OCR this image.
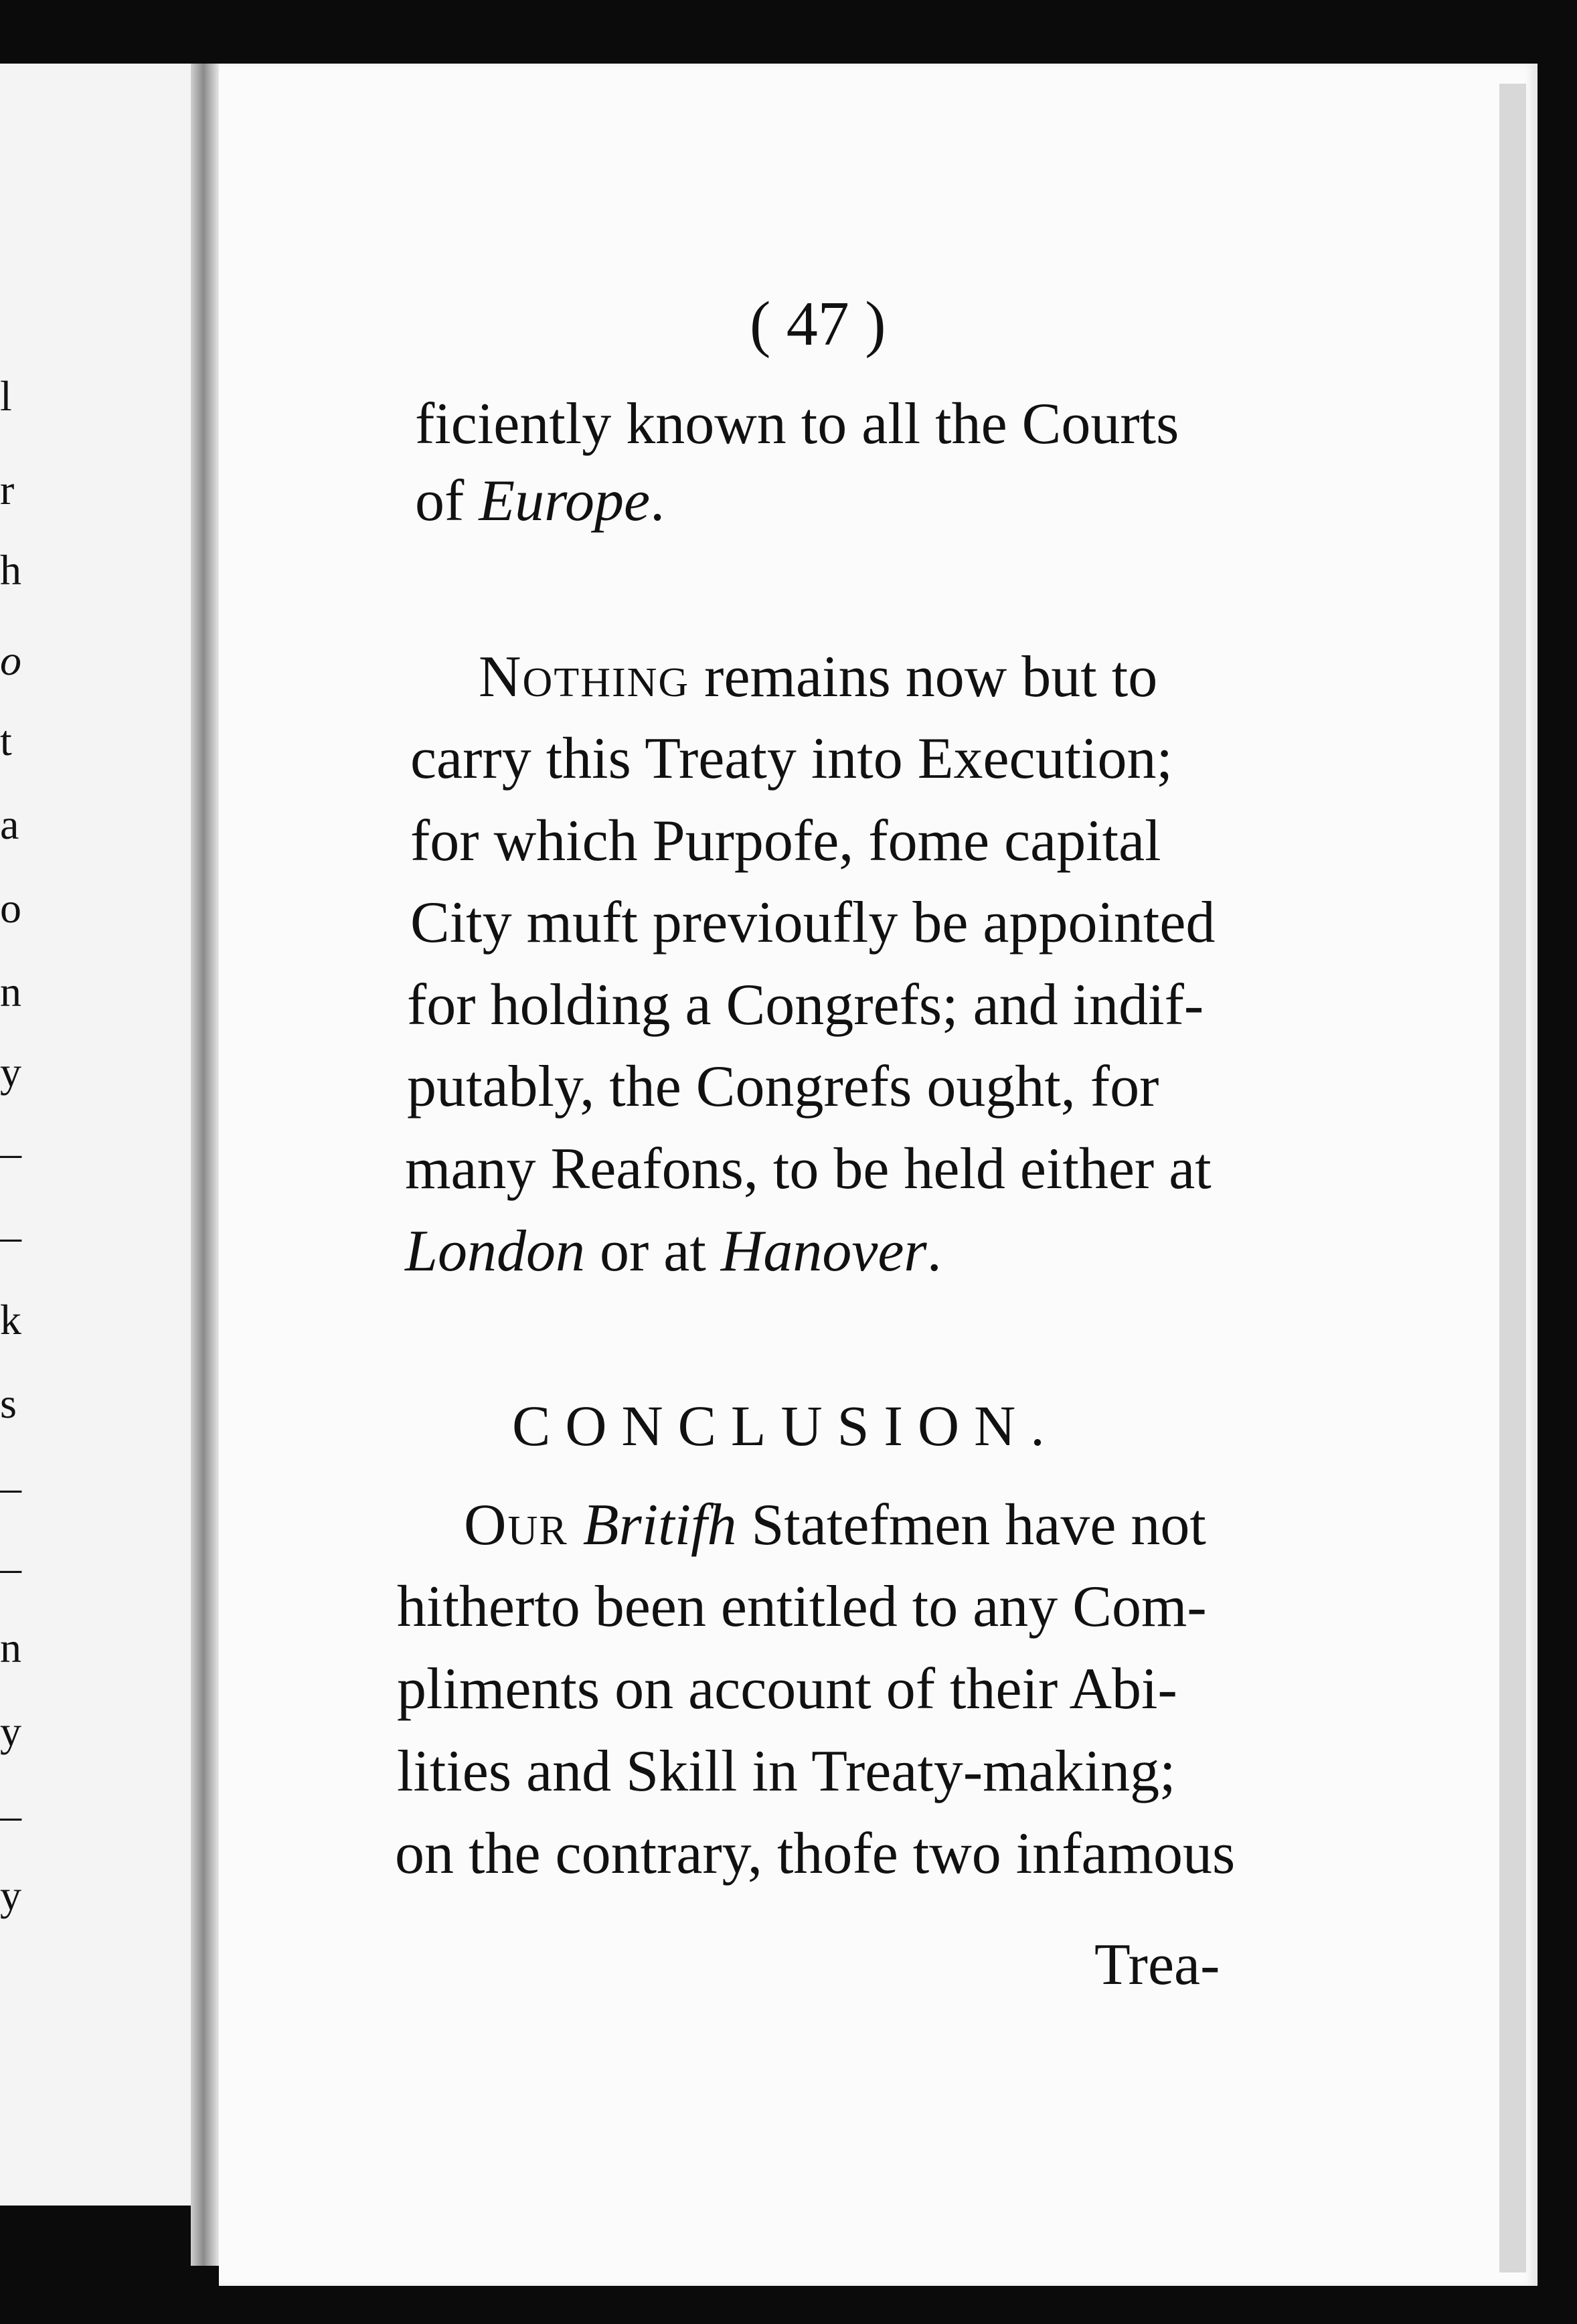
l
r
h
o
t
a
o
n
y
–
–
k
s
–
–
n
y
–
y
( 47 )
ficiently known to all the Courts
of Europe.
Nothing remains now but to
carry this Treaty into Execution;
for which Purpofe, fome capital
City muft previoufly be appointed
for holding a Congrefs; and indif-
putably, the Congrefs ought, for
many Reafons, to be held either at
London or at Hanover.
CONCLUSION.
Our Britifh Statefmen have not
hitherto been entitled to any Com-
pliments on account of their Abi-
lities and Skill in Treaty-making;
on the contrary, thofe two infamous
Trea-
